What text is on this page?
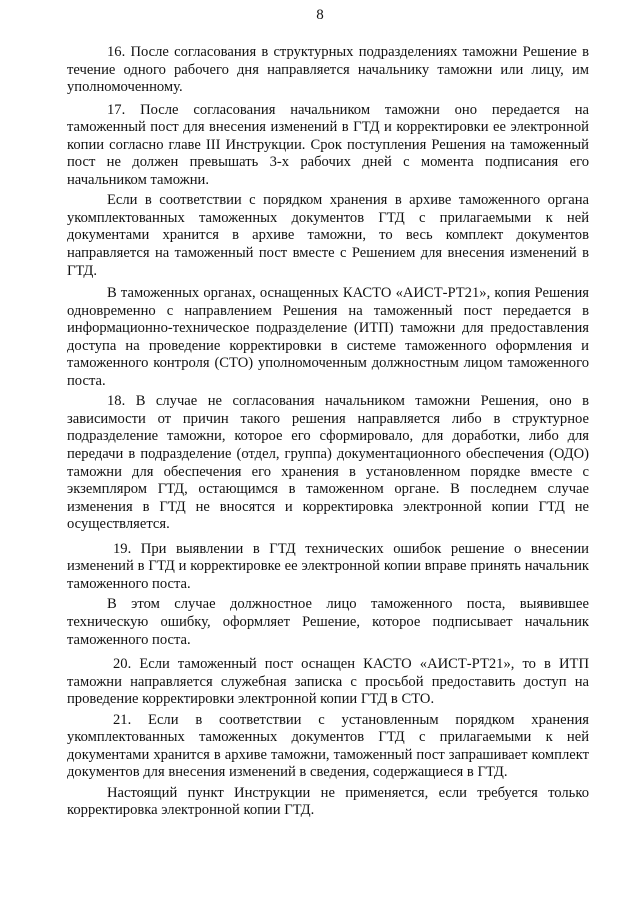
8

16. После согласования в структурных подразделениях таможни Решение в течение одного рабочего дня направляется начальнику таможни или лицу, им уполномоченному.

17. После согласования начальником таможни оно передается на таможенный пост для внесения изменений в ГТД и корректировки ее электронной копии согласно главе III Инструкции. Срок поступления Решения на таможенный пост не должен превышать 3-х рабочих дней с момента подписания его начальником таможни.

Если в соответствии с порядком хранения в архиве таможенного органа укомплектованных таможенных документов ГТД с прилагаемыми к ней документами хранится в архиве таможни, то весь комплект документов направляется на таможенный пост вместе с Решением для внесения изменений в ГТД.

В таможенных органах, оснащенных КАСТО «АИСТ-РТ21», копия Решения одновременно с направлением Решения на таможенный пост передается в информационно-техническое подразделение (ИТП) таможни для предоставления доступа на проведение корректировки в системе таможенного оформления и таможенного контроля (СТО) уполномоченным должностным лицом таможенного поста.

18. В случае не согласования начальником таможни Решения, оно в зависимости от причин такого решения направляется либо в структурное подразделение таможни, которое его сформировало, для доработки, либо для передачи в подразделение (отдел, группа) документационного обеспечения (ОДО) таможни для обеспечения его хранения в установленном порядке вместе с экземпляром ГТД, остающимся в таможенном органе. В последнем случае изменения в ГТД не вносятся и корректировка электронной копии ГТД не осуществляется.

19. При выявлении в ГТД технических ошибок решение о внесении изменений в ГТД и корректировке ее электронной копии вправе принять начальник таможенного поста.

В этом случае должностное лицо таможенного поста, выявившее техническую ошибку, оформляет Решение, которое подписывает начальник таможенного поста.

20. Если таможенный пост оснащен КАСТО «АИСТ-РТ21», то в ИТП таможни направляется служебная записка с просьбой предоставить доступ на проведение корректировки электронной копии ГТД в СТО.

21. Если в соответствии с установленным порядком хранения укомплектованных таможенных документов ГТД с прилагаемыми к ней документами хранится в архиве таможни, таможенный пост запрашивает комплект документов для внесения изменений в сведения, содержащиеся в ГТД.

Настоящий пункт Инструкции не применяется, если требуется только корректировка электронной копии ГТД.
